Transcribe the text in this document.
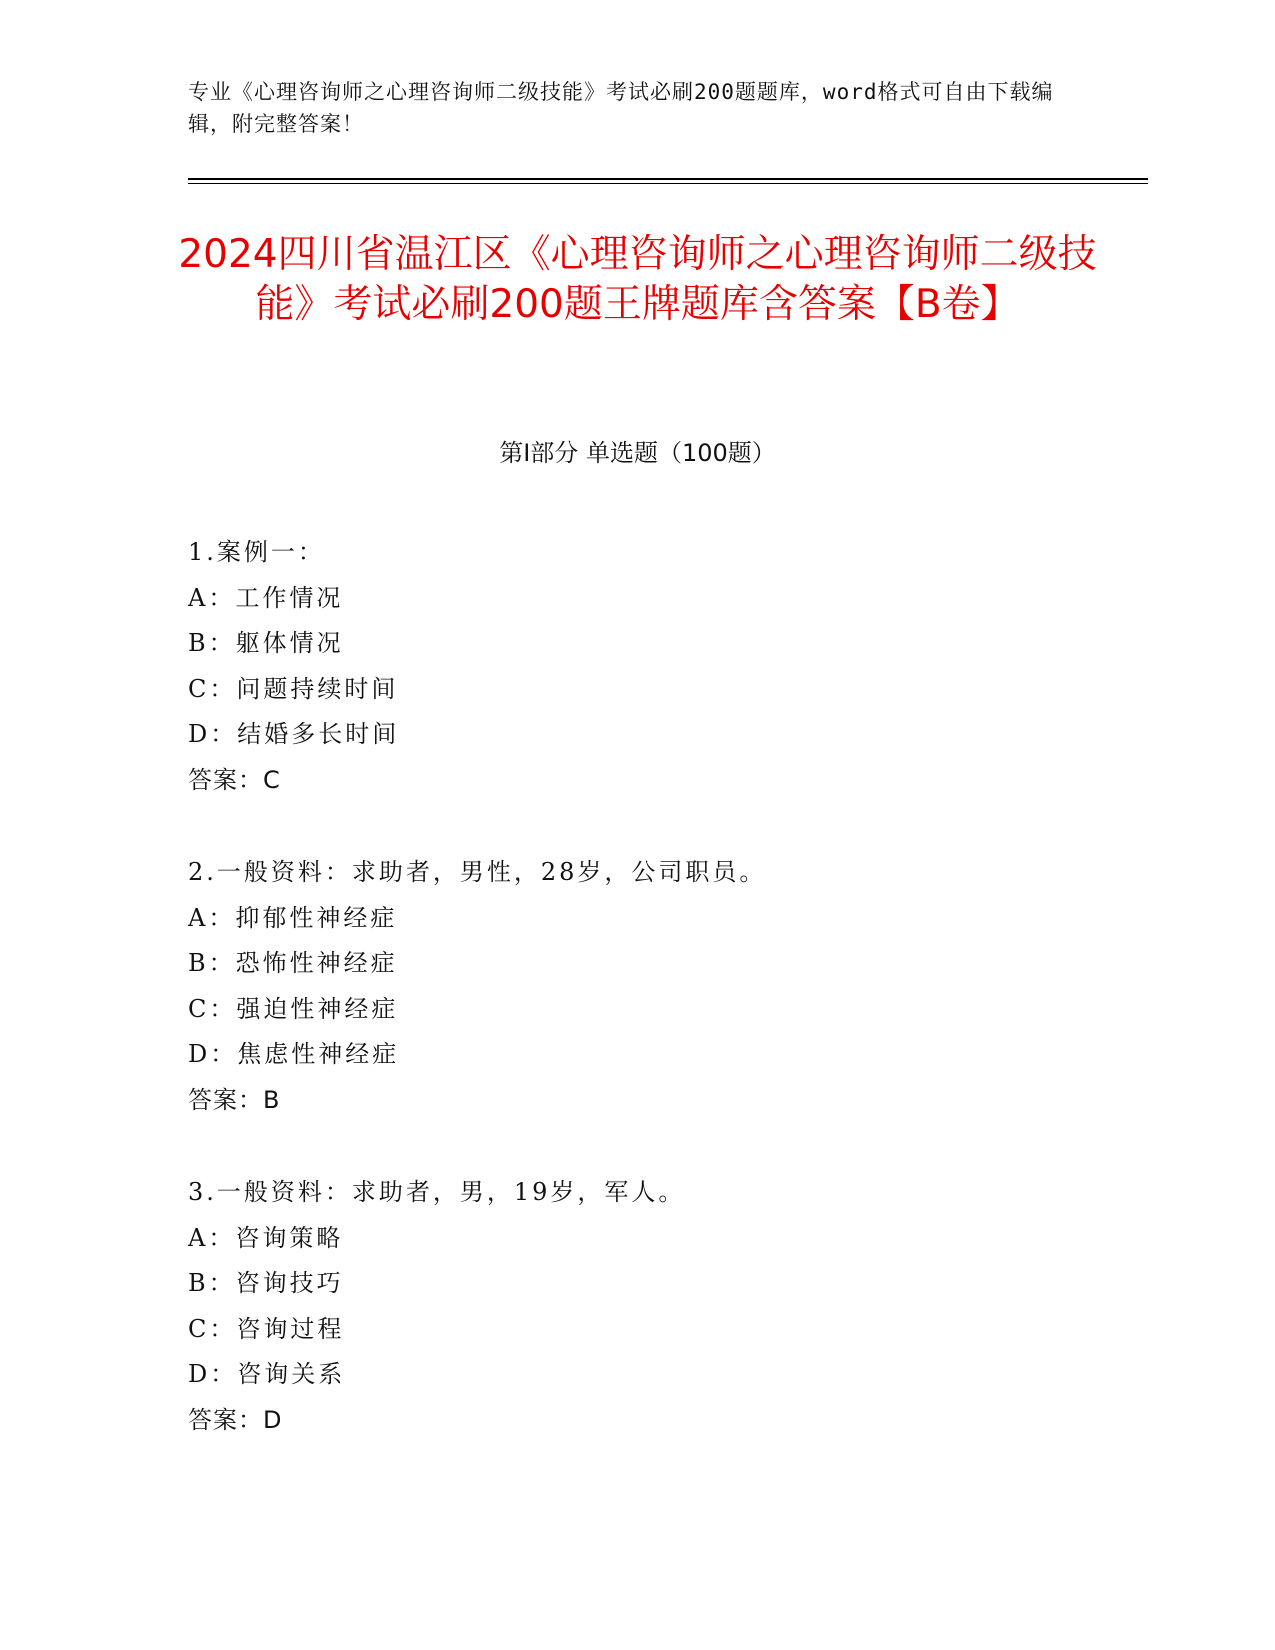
专业《心理咨询师之心理咨询师二级技能》考试必刷200题题库，word格式可自由下载编辑，附完整答案！
2024四川省温江区《心理咨询师之心理咨询师二级技能》考试必刷200题王牌题库含答案【B卷】
第Ⅰ部分 单选题（100题）
1.案例一：
A：工作情况
B：躯体情况
C：问题持续时间
D：结婚多长时间
答案：C
2.一般资料：求助者，男性，28岁，公司职员。
A：抑郁性神经症
B：恐怖性神经症
C：强迫性神经症
D：焦虑性神经症
答案：B
3.一般资料：求助者，男，19岁，军人。
A：咨询策略
B：咨询技巧
C：咨询过程
D：咨询关系
答案：D
